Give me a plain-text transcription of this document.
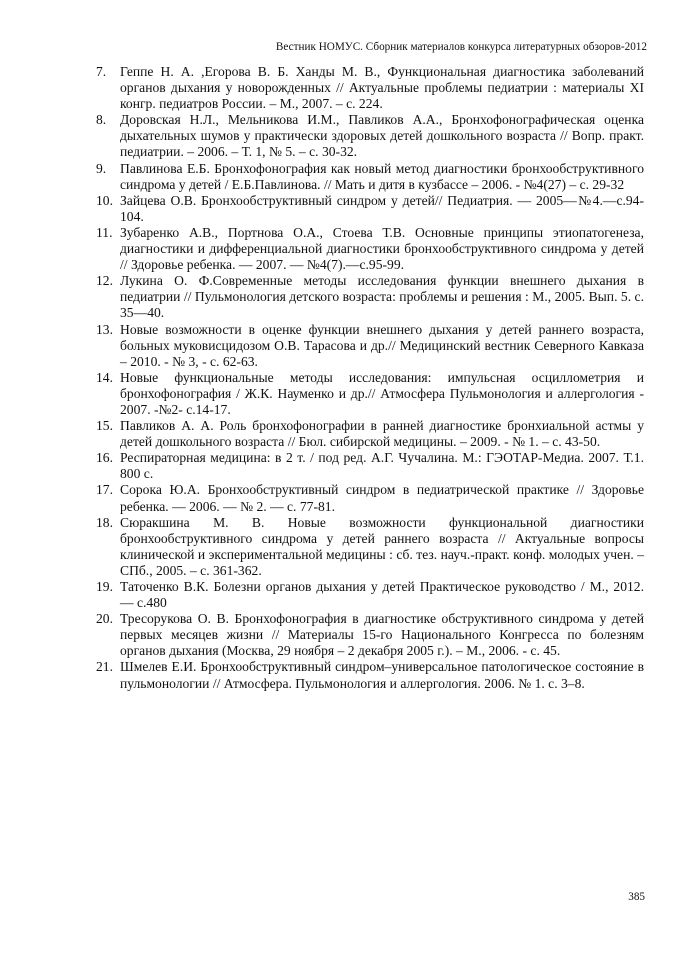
Вестник НОМУС. Сборник материалов конкурса литературных обзоров-2012
7.	Геппе Н. А. ,Егорова В. Б. Ханды М. В., Функциональная диагностика заболеваний органов дыхания у новорожденных // Актуальные проблемы педиатрии : материалы XI конгр. педиатров России. – М., 2007. – с. 224.
8.	Доровская Н.Л., Мельникова И.М., Павликов А.А., Бронхофонографическая оценка дыхательных шумов у практически здоровых детей дошкольного возраста // Вопр. практ. педиатрии. – 2006. – Т. 1, № 5. – с. 30-32.
9.	Павлинова Е.Б. Бронхофонография как новый метод диагностики бронхообструктивного синдрома у детей / Е.Б.Павлинова. // Мать и дитя в кузбассе – 2006. - №4(27) – с. 29-32
10. Зайцева О.В. Бронхообструктивный синдром у детей// Педиатрия. — 2005—№4.—с.94-104.
11. Зубаренко А.В., Портнова О.А., Стоева Т.В. Основные принципы этиопатогенеза, диагностики и дифференциальной диагностики бронхообструктивного синдрома у детей // Здоровье ребенка. — 2007. — №4(7).—с.95-99.
12. Лукина О. Ф.Современные методы исследования функции внешнего дыхания в педиатрии // Пульмонология детского возраста: проблемы и решения : М., 2005. Вып. 5. с. 35—40.
13. Новые возможности в оценке функции внешнего дыхания у детей раннего возраста, больных муковисцидозом О.В. Тарасова и др.// Медицинский вестник Северного Кавказа – 2010. - № 3, - с. 62-63.
14. Новые функциональные методы исследования: импульсная осциллометрия и бронхофонография / Ж.К. Науменко и др.// Атмосфера Пульмонология и аллергология - 2007. -№2- с.14-17.
15. Павликов А. А. Роль бронхофонографии в ранней диагностике бронхиальной астмы у детей дошкольного возраста // Бюл. сибирской медицины. – 2009. - № 1. – с. 43-50.
16. Респираторная медицина: в 2 т. / под ред. А.Г. Чучалина. М.: ГЭОТАР-Медиа. 2007. Т.1. 800 с.
17. Сорока Ю.А. Бронхообструктивный синдром в педиатрической практике // Здоровье ребенка. — 2006. — № 2. — с. 77-81.
18. Сюракшина М. В. Новые возможности функциональной диагностики бронхообструктивного синдрома у детей раннего возраста // Актуальные вопросы клинической и экспериментальной медицины : сб. тез. науч.-практ. конф. молодых учен. – СПб., 2005. – с. 361-362.
19. Таточенко В.К. Болезни органов дыхания у детей Практическое руководство / М., 2012. — с.480
20. Тресорукова О. В. Бронхофонография в диагностике обструктивного синдрома у детей первых месяцев жизни // Материалы 15-го Национального Конгресса по болезням органов дыхания (Москва, 29 ноября – 2 декабря 2005 г.). – М., 2006. - с. 45.
21. Шмелев Е.И. Бронхообструктивный синдром–универсальное патологическое состояние в пульмонологии // Атмосфера. Пульмонология и аллергология. 2006. № 1. с. 3–8.
385
